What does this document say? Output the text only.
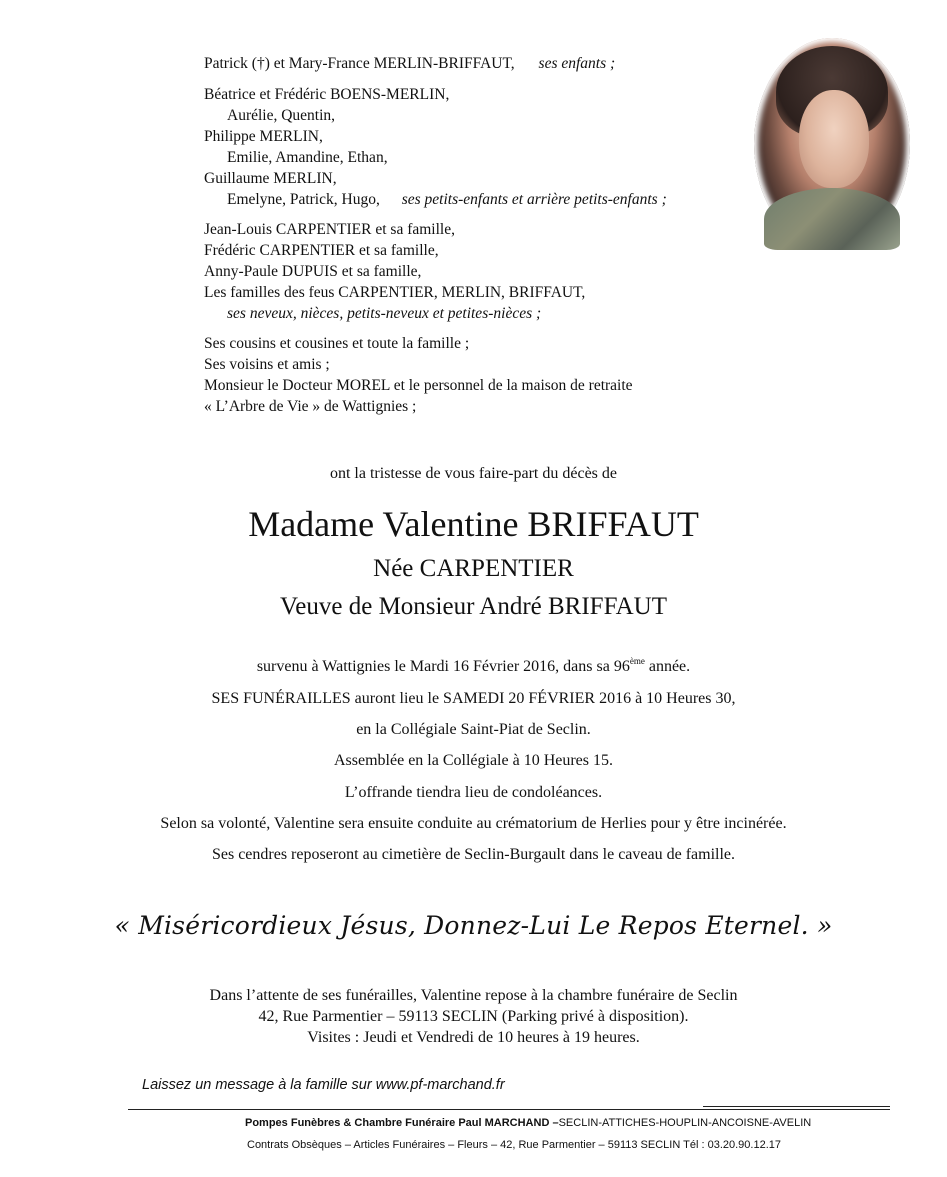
Patrick (†) et Mary-France MERLIN-BRIFFAUT, ses enfants ;
Béatrice et Frédéric BOENS-MERLIN,
Aurélie, Quentin,
Philippe MERLIN,
Emilie, Amandine, Ethan,
Guillaume MERLIN,
Emelyne, Patrick, Hugo, ses petits-enfants et arrière petits-enfants ;
Jean-Louis CARPENTIER et sa famille,
Frédéric CARPENTIER et sa famille,
Anny-Paule DUPUIS et sa famille,
Les familles des feus CARPENTIER, MERLIN, BRIFFAUT,
ses neveux, nièces, petits-neveux et petites-nièces ;
Ses cousins et cousines et toute la famille ;
Ses voisins et amis ;
Monsieur le Docteur MOREL et le personnel de la maison de retraite
« L’Arbre de Vie » de Wattignies ;
ont la tristesse de vous faire-part du décès de
Madame Valentine BRIFFAUT
Née CARPENTIER
Veuve de Monsieur André BRIFFAUT
survenu à Wattignies le Mardi 16 Février 2016, dans sa 96ème année.
SES FUNÉRAILLES auront lieu le SAMEDI 20 FÉVRIER 2016 à 10 Heures 30,
en la Collégiale Saint-Piat de Seclin.
Assemblée en la Collégiale à 10 Heures 15.
L’offrande tiendra lieu de condoléances.
Selon sa volonté, Valentine sera ensuite conduite au crématorium de Herlies pour y être incinérée.
Ses cendres reposeront au cimetière de Seclin-Burgault dans le caveau de famille.
« Miséricordieux Jésus, Donnez-Lui Le Repos Eternel. »
Dans l’attente de ses funérailles, Valentine repose à la chambre funéraire de Seclin
42, Rue Parmentier – 59113 SECLIN (Parking privé à disposition).
Visites : Jeudi et Vendredi de 10 heures à 19 heures.
Laissez un message à la famille sur www.pf-marchand.fr
Pompes Funèbres & Chambre Funéraire Paul MARCHAND –SECLIN-ATTICHES-HOUPLIN-ANCOISNE-AVELIN
Contrats Obsèques – Articles Funéraires – Fleurs – 42, Rue Parmentier – 59113 SECLIN Tél : 03.20.90.12.17
